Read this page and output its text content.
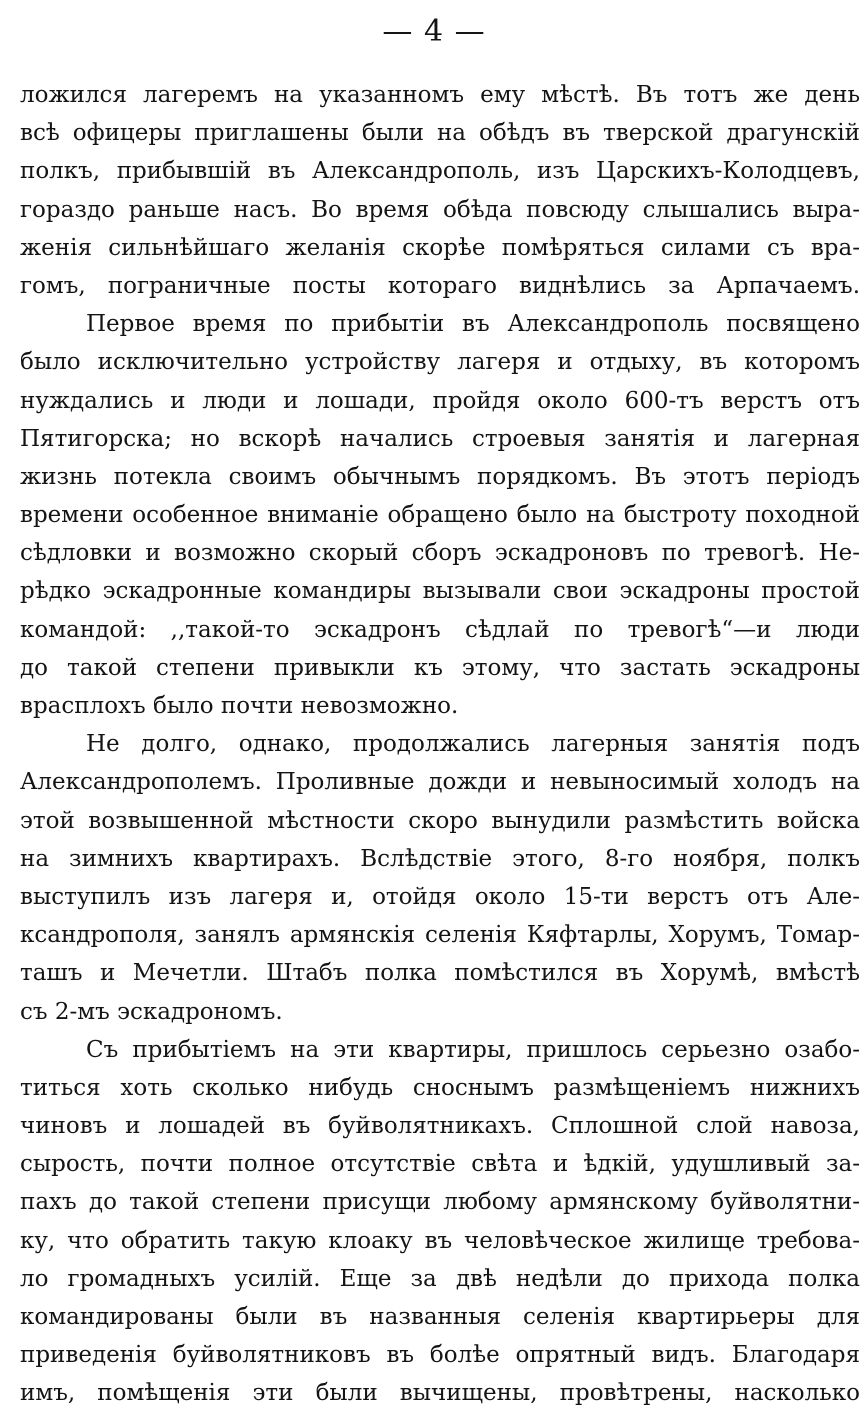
— 4 —
ложился лагеремъ на указанномъ ему мѣстѣ. Въ тотъ же день
всѣ офицеры приглашены были на обѣдъ въ тверской драгунскій
полкъ, прибывшій въ Александрополь, изъ Царскихъ-Колодцевъ,
гораздо раньше насъ. Во время обѣда повсюду слышались выра-
женія сильнѣйшаго желанія скорѣе помѣряться силами съ вра-
гомъ, пограничные посты котораго виднѣлись за Арпачаемъ.
Первое время по прибытіи въ Александрополь посвящено
было исключительно устройству лагеря и отдыху, въ которомъ
нуждались и люди и лошади, пройдя около 600-тъ верстъ отъ
Пятигорска; но вскорѣ начались строевыя занятія и лагерная
жизнь потекла своимъ обычнымъ порядкомъ. Въ этотъ періодъ
времени особенное вниманіе обращено было на быстроту походной
сѣдловки и возможно скорый сборъ эскадроновъ по тревогѣ. Не-
рѣдко эскадронные командиры вызывали свои эскадроны простой
командой: ,,такой-то эскадронъ сѣдлай по тревогѣ“—и люди
до такой степени привыкли къ этому, что застать эскадроны
врасплохъ было почти невозможно.
Не долго, однако, продолжались лагерныя занятія подъ
Александрополемъ. Проливные дожди и невыносимый холодъ на
этой возвышенной мѣстности скоро вынудили размѣстить войска
на зимнихъ квартирахъ. Вслѣдствіе этого, 8-го ноября, полкъ
выступилъ изъ лагеря и, отойдя около 15-ти верстъ отъ Але-
ксандрополя, занялъ армянскія селенія Кяфтарлы, Хорумъ, Томар-
ташъ и Мечетли. Штабъ полка помѣстился въ Хорумѣ, вмѣстѣ
съ 2-мъ эскадрономъ.
Съ прибытіемъ на эти квартиры, пришлось серьезно озабо-
титься хоть сколько нибудь сноснымъ размѣщеніемъ нижнихъ
чиновъ и лошадей въ буйволятникахъ. Сплошной слой навоза,
сырость, почти полное отсутствіе свѣта и ѣдкій, удушливый за-
пахъ до такой степени присущи любому армянскому буйволятни-
ку, что обратить такую клоаку въ человѣческое жилище требова-
ло громадныхъ усилій. Еще за двѣ недѣли до прихода полка
командированы были въ названныя селенія квартирьеры для
приведенія буйволятниковъ въ болѣе опрятный видъ. Благодаря
имъ, помѣщенія эти были вычищены, провѣтрены, насколько
